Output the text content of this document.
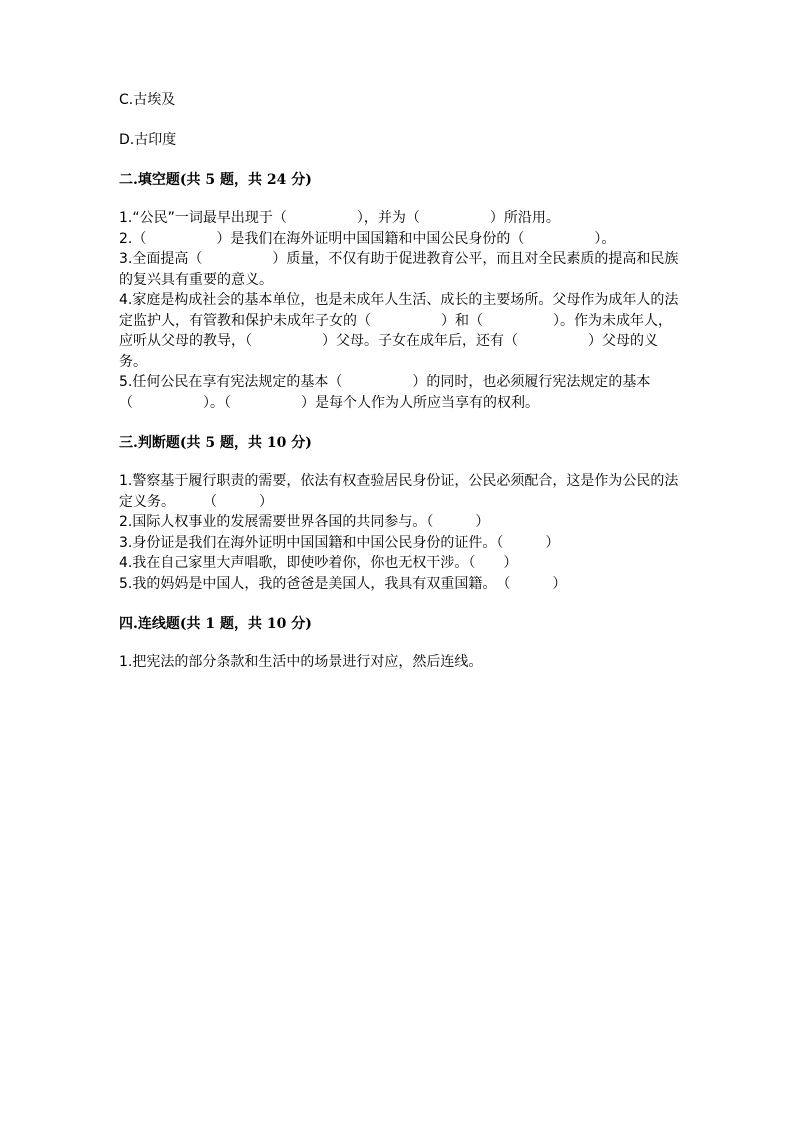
C.古埃及

D.古印度

二.填空题(共 5 题，共 24 分)

1.“公民”一词最早出现于（　　　　　），并为（　　　　　）所沿用。

2.（　　　　　）是我们在海外证明中国国籍和中国公民身份的（　　　　　）。

3.全面提高（　　　　　）质量，不仅有助于促进教育公平，而且对全民素质的提高和民族的复兴具有重要的意义。

4.家庭是构成社会的基本单位，也是未成年人生活、成长的主要场所。父母作为成年人的法定监护人，有管教和保护未成年子女的（　　　　　）和（　　　　　）。作为未成年人，应听从父母的教导，（　　　　　）父母。子女在成年后，还有（　　　　　）父母的义务。

5.任何公民在享有宪法规定的基本（　　　　　）的同时，也必须履行宪法规定的基本（　　　　　）。（　　　　　）是每个人作为人所应当享有的权利。

三.判断题(共 5 题，共 10 分)

1.警察基于履行职责的需要，依法有权查验居民身份证，公民必须配合，这是作为公民的法定义务。　　　（　　　）

2.国际人权事业的发展需要世界各国的共同参与。（　　　）

3.身份证是我们在海外证明中国国籍和中国公民身份的证件。（　　　）

4.我在自己家里大声唱歌，即使吵着你，你也无权干涉。（　　）

5.我的妈妈是中国人，我的爸爸是美国人，我具有双重国籍。　（　　　）

四.连线题(共 1 题，共 10 分)

1.把宪法的部分条款和生活中的场景进行对应，然后连线。
